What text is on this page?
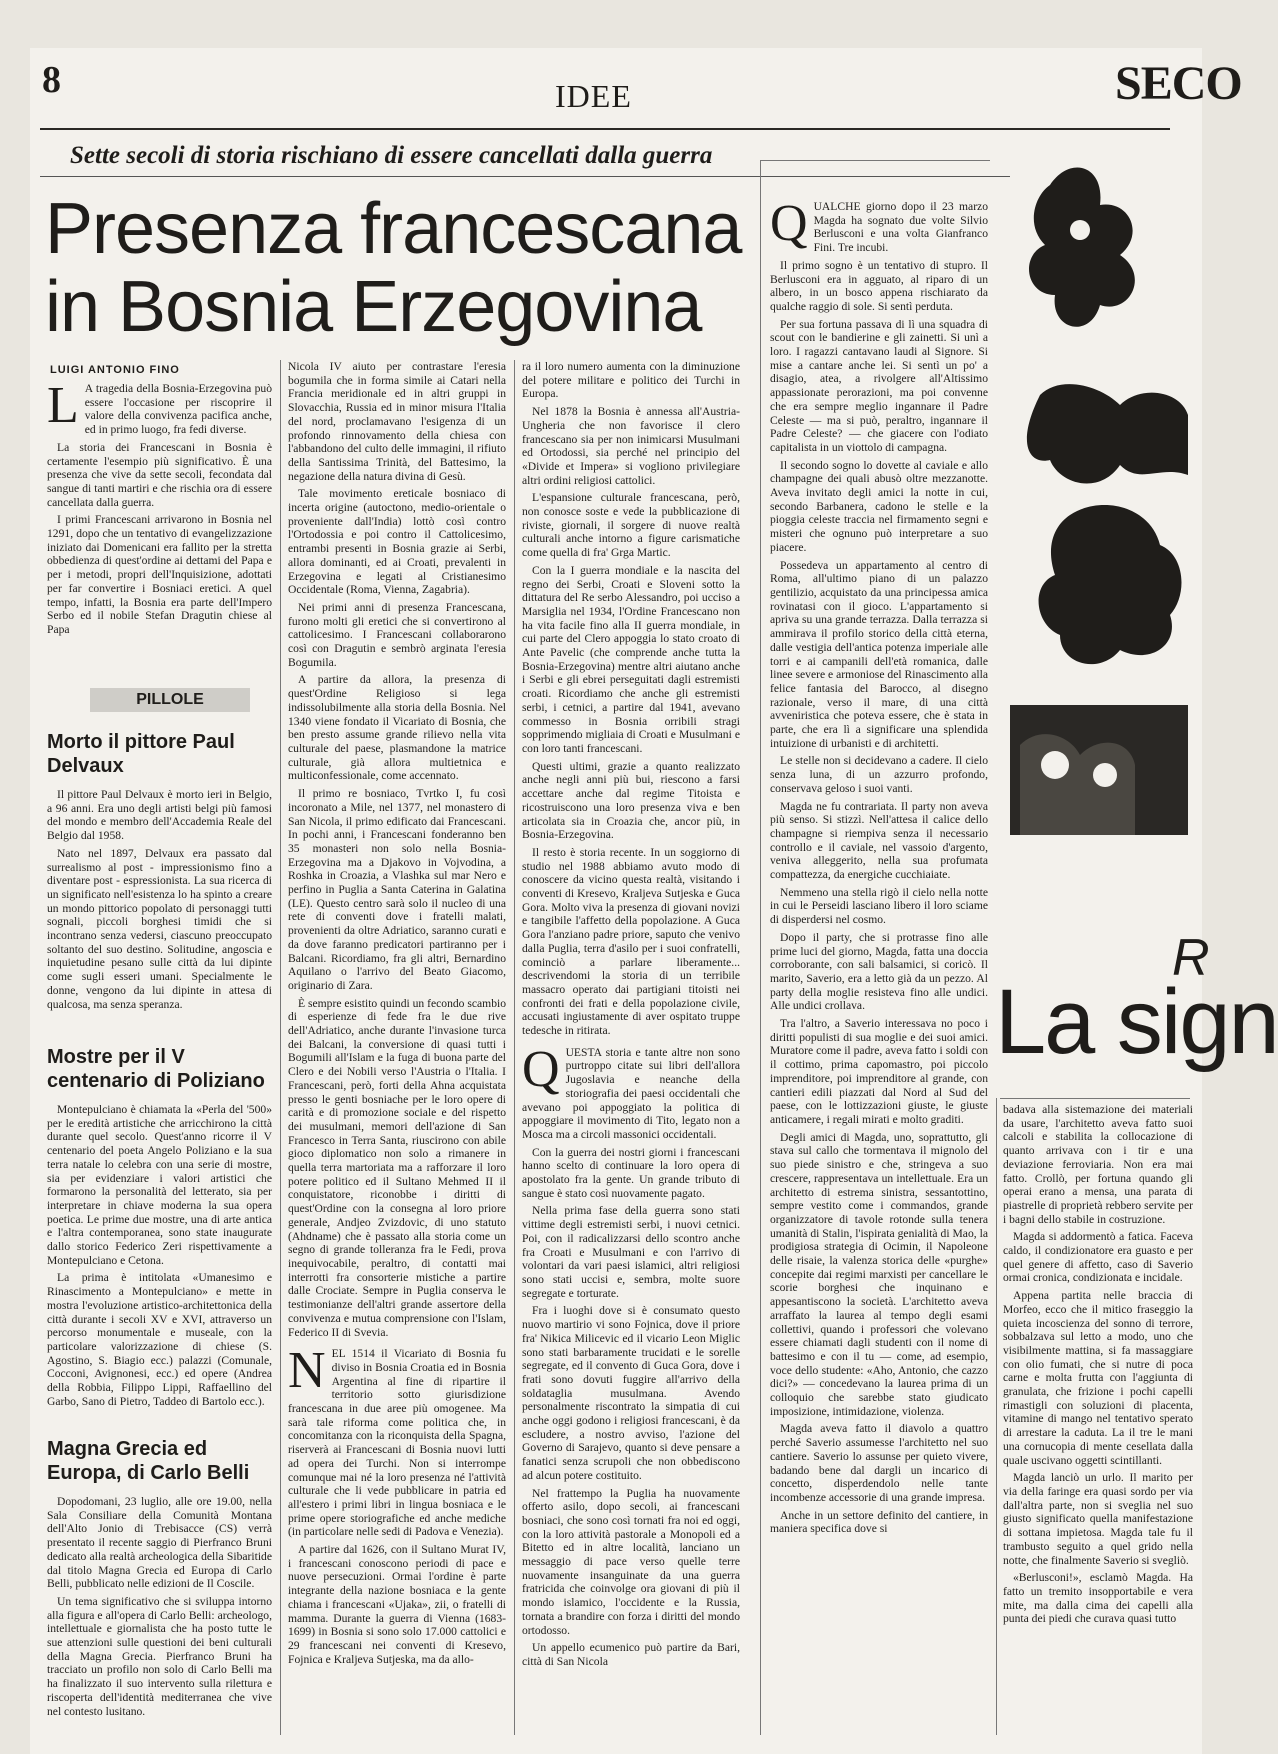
8	IDEE	SECO
Sette secoli di storia rischiano di essere cancellati dalla guerra
Presenza francescana
in Bosnia Erzegovina
LUIGI ANTONIO FINO

L A tragedia della Bosnia-Erzegovina può essere l'occasione per riscoprire il valore della convivenza pacifica anche, ed in primo luogo, fra fedi diverse.

La storia dei Francescani in Bosnia è certamente l'esempio più significativo. È una presenza che vive da sette secoli, fecondata dal sangue di tanti martiri e che rischia ora di essere cancellata dalla guerra.

I primi Francescani arrivarono in Bosnia nel 1291, dopo che un tentativo di evangelizzazione iniziato dai Domenicani era fallito per la stretta obbedienza di quest'ordine ai dettami del Papa e per i metodi, propri dell'Inquisizione, adottati per far convertire i Bosniaci eretici. A quel tempo, infatti, la Bosnia era parte dell'Impero Serbo ed il nobile Stefan Dragutin chiese al Papa

PILLOLE
Morto il pittore Paul Delvaux

Il pittore Paul Delvaux è morto ieri in Belgio, a 96 anni. Era uno degli artisti belgi più famosi del mondo e membro dell'Accademia Reale del Belgio dal 1958.

Nato nel 1897, Delvaux era passato dal surrealismo al post - impressionismo fino a diventare post - espressionista. La sua ricerca di un significato nell'esistenza lo ha spinto a creare un mondo pittorico popolato di personaggi tutti sognali, piccoli borghesi timidi che si incontrano senza vedersi, ciascuno preoccupato soltanto del suo destino. Solitudine, angoscia e inquietudine pesano sulle città da lui dipinte come sugli esseri umani. Specialmente le donne, vengono da lui dipinte in attesa di qualcosa, ma senza speranza.

Mostre per il V centenario di Poliziano

Montepulciano è chiamata la «Perla del '500» per le eredità artistiche che arricchirono la città durante quel secolo. Quest'anno ricorre il V centenario del poeta Angelo Poliziano e la sua terra natale lo celebra con una serie di mostre, sia per evidenziare i valori artistici che formarono la personalità del letterato, sia per interpretare in chiave moderna la sua opera poetica. Le prime due mostre, una di arte antica e l'altra contemporanea, sono state inaugurate dallo storico Federico Zeri rispettivamente a Montepulciano e Cetona.

La prima è intitolata «Umanesimo e Rinascimento a Montepulciano» e mette in mostra l'evoluzione artistico-architettonica della città durante i secoli XV e XVI, attraverso un percorso monumentale e museale, con la particolare valorizzazione di chiese (S. Agostino, S. Biagio ecc.) palazzi (Comunale, Cocconi, Avignonesi, ecc.) ed opere (Andrea della Robbia, Filippo Lippi, Raffaellino del Garbo, Sano di Pietro, Taddeo di Bartolo ecc.).

Magna Grecia ed Europa, di Carlo Belli

Dopodomani, 23 luglio, alle ore 19.00, nella Sala Consiliare della Comunità Montana dell'Alto Jonio di Trebisacce (CS) verrà presentato il recente saggio di Pierfranco Bruni dedicato alla realtà archeologica della Sibaritide dal titolo Magna Grecia ed Europa di Carlo Belli, pubblicato nelle edizioni de Il Coscile.

Un tema significativo che si sviluppa intorno alla figura e all'opera di Carlo Belli: archeologo, intellettuale e giornalista che ha posto tutte le sue attenzioni sulle questioni dei beni culturali della Magna Grecia. Pierfranco Bruni ha tracciato un profilo non solo di Carlo Belli ma ha finalizzato il suo intervento sulla rilettura e riscoperta dell'identità mediterranea che vive nel contesto lusitano.

Nicola IV aiuto per contrastare l'eresia bogumila che in forma simile ai Catari nella Francia meridionale ed in altri gruppi in Slovacchia, Russia ed in minor misura l'Italia del nord, proclamavano l'esigenza di un profondo rinnovamento della chiesa con l'abbandono del culto delle immagini, il rifiuto della Santissima Trinità, del Battesimo, la negazione della natura divina di Gesù.

Tale movimento ereticale bosniaco di incerta origine (autoctono, medio-orientale o proveniente dall'India) lottò così contro l'Ortodossia e poi contro il Cattolicesimo, entrambi presenti in Bosnia grazie ai Serbi, allora dominanti, ed ai Croati, prevalenti in Erzegovina e legati al Cristianesimo Occidentale (Roma, Vienna, Zagabria).

Nei primi anni di presenza Francescana, furono molti gli eretici che si convertirono al cattolicesimo. I Francescani collaborarono così con Dragutin e sembrò arginata l'eresia Bogumila.

A partire da allora, la presenza di quest'Ordine Religioso si lega indissolubilmente alla storia della Bosnia. Nel 1340 viene fondato il Vicariato di Bosnia, che ben presto assume grande rilievo nella vita culturale del paese, plasmandone la matrice culturale, già allora multietnica e multiconfessionale, come accennato.

Il primo re bosniaco, Tvrtko I, fu così incoronato a Mile, nel 1377, nel monastero di San Nicola, il primo edificato dai Francescani. In pochi anni, i Francescani fonderanno ben 35 monasteri non solo nella Bosnia-Erzegovina ma a Djakovo in Vojvodina, a Roshka in Croazia, a Vlashka sul mar Nero e perfino in Puglia a Santa Caterina in Galatina (LE). Questo centro sarà solo il nucleo di una rete di conventi dove i fratelli malati, provenienti da oltre Adriatico, saranno curati e da dove faranno predicatori partiranno per i Balcani. Ricordiamo, fra gli altri, Bernardino Aquilano o l'arrivo del Beato Giacomo, originario di Zara.

È sempre esistito quindi un fecondo scambio di esperienze di fede fra le due rive dell'Adriatico, anche durante l'invasione turca dei Balcani, la conversione di quasi tutti i Bogumili all'Islam e la fuga di buona parte del Clero e dei Nobili verso l'Austria o l'Italia. I Francescani, però, forti della Ahna acquistata presso le genti bosniache per le loro opere di carità e di promozione sociale e del rispetto dei musulmani, memori dell'azione di San Francesco in Terra Santa, riuscirono con abile gioco diplomatico non solo a rimanere in quella terra martoriata ma a rafforzare il loro potere politico ed il Sultano Mehmed II il conquistatore, riconobbe i diritti di quest'Ordine con la consegna al loro priore generale, Andjeo Zvizdovic, di uno statuto (Ahdname) che è passato alla storia come un segno di grande tolleranza fra le Fedi, prova inequivocabile, peraltro, di contatti mai interrotti fra consorterie mistiche a partire dalle Crociate. Sempre in Puglia conserva le testimonianze dell'altri grande assertore della convivenza e mutua comprensione con l'Islam, Federico II di Svevia.

NEL 1514 il Vicariato di Bosnia fu diviso in Bosnia Croatia ed in Bosnia Argentina al fine di ripartire il territorio sotto giurisdizione francescana in due aree più omogenee. Ma sarà tale riforma come politica che, in concomitanza con la riconquista della Spagna, riserverà ai Francescani di Bosnia nuovi lutti ad opera dei Turchi. Non si interrompe comunque mai né la loro presenza né l'attività culturale che li vede pubblicare in patria ed all'estero i primi libri in lingua bosniaca e le prime opere storiografiche ed anche mediche (in particolare nelle sedi di Padova e Venezia).

A partire dal 1626, con il Sultano Murat IV, i francescani conoscono periodi di pace e nuove persecuzioni. Ormai l'ordine è parte integrante della nazione bosniaca e la gente chiama i francescani «Ujaka», zii, o fratelli di mamma. Durante la guerra di Vienna (1683-1699) in Bosnia si sono solo 17.000 cattolici e 29 francescani nei conventi di Kresevo, Fojnica e Kraljeva Sutjeska, ma da allo-

ra il loro numero aumenta con la diminuzione del potere militare e politico dei Turchi in Europa.

Nel 1878 la Bosnia è annessa all'Austria-Ungheria che non favorisce il clero francescano sia per non inimicarsi Musulmani ed Ortodossi, sia perché nel principio del «Divide et Impera» si vogliono privilegiare altri ordini religiosi cattolici.

L'espansione culturale francescana, però, non conosce soste e vede la pubblicazione di riviste, giornali, il sorgere di nuove realtà culturali anche intorno a figure carismatiche come quella di fra' Grga Martic.

Con la I guerra mondiale e la nascita del regno dei Serbi, Croati e Sloveni sotto la dittatura del Re serbo Alessandro, poi ucciso a Marsiglia nel 1934, l'Ordine Francescano non ha vita facile fino alla II guerra mondiale, in cui parte del Clero appoggia lo stato croato di Ante Pavelic (che comprende anche tutta la Bosnia-Erzegovina) mentre altri aiutano anche i Serbi e gli ebrei perseguitati dagli estremisti croati. Ricordiamo che anche gli estremisti serbi, i cetnici, a partire dal 1941, avevano commesso in Bosnia orribili stragi sopprimendo migliaia di Croati e Musulmani e con loro tanti francescani.

Questi ultimi, grazie a quanto realizzato anche negli anni più bui, riescono a farsi accettare anche dal regime Titoista e ricostruiscono una loro presenza viva e ben articolata sia in Croazia che, ancor più, in Bosnia-Erzegovina.

Il resto è storia recente. In un soggiorno di studio nel 1988 abbiamo avuto modo di conoscere da vicino questa realtà, visitando i conventi di Kresevo, Kraljeva Sutjeska e Guca Gora. Molto viva la presenza di giovani novizi e tangibile l'affetto della popolazione. A Guca Gora l'anziano padre priore, saputo che venivo dalla Puglia, terra d'asilo per i suoi confratelli, cominciò a parlare liberamente... descrivendomi la storia di un terribile massacro operato dai partigiani titoisti nei confronti dei frati e della popolazione civile, accusati ingiustamente di aver ospitato truppe tedesche in ritirata.

QUESTA storia e tante altre non sono purtroppo citate sui libri dell'allora Jugoslavia e neanche della storiografia dei paesi occidentali che avevano poi appoggiato la politica di appoggiare il movimento di Tito, legato non a Mosca ma a circoli massonici occidentali.

Con la guerra dei nostri giorni i francescani hanno scelto di continuare la loro opera di apostolato fra la gente. Un grande tributo di sangue è stato così nuovamente pagato.

Nella prima fase della guerra sono stati vittime degli estremisti serbi, i nuovi cetnici. Poi, con il radicalizzarsi dello scontro anche fra Croati e Musulmani e con l'arrivo di volontari da vari paesi islamici, altri religiosi sono stati uccisi e, sembra, molte suore segregate e torturate.

Fra i luoghi dove si è consumato questo nuovo martirio vi sono Fojnica, dove il priore fra' Nikica Milicevic ed il vicario Leon Miglic sono stati barbaramente trucidati e le sorelle segregate, ed il convento di Guca Gora, dove i frati sono dovuti fuggire all'arrivo della soldataglia musulmana. Avendo personalmente riscontrato la simpatia di cui anche oggi godono i religiosi francescani, è da escludere, a nostro avviso, l'azione del Governo di Sarajevo, quanto si deve pensare a fanatici senza scrupoli che non obbediscono ad alcun potere costituito.

Nel frattempo la Puglia ha nuovamente offerto asilo, dopo secoli, ai francescani bosniaci, che sono così tornati fra noi ed oggi, con la loro attività pastorale a Monopoli ed a Bitetto ed in altre località, lanciano un messaggio di pace verso quelle terre nuovamente insanguinate da una guerra fratricida che coinvolge ora giovani di più il mondo islamico, l'occidente e la Russia, tornata a brandire con forza i diritti del mondo ortodosso.

Un appello ecumenico può partire da Bari, città di San Nicola

QUALCHE giorno dopo il 23 marzo Magda ha sognato due volte Silvio Berlusconi e una volta Gianfranco Fini. Tre incubi.

Il primo sogno è un tentativo di stupro. Il Berlusconi era in agguato, al riparo di un albero, in un bosco appena rischiarato da qualche raggio di sole. Si sentì perduta.

Per sua fortuna passava di lì una squadra di scout con le bandierine e gli zainetti. Si unì a loro. I ragazzi cantavano laudi al Signore. Si mise a cantare anche lei. Si sentì un po' a disagio, atea, a rivolgere all'Altissimo appassionate perorazioni, ma poi convenne che era sempre meglio ingannare il Padre Celeste — ma si può, peraltro, ingannare il Padre Celeste? — che giacere con l'odiato capitalista in un viottolo di campagna.

Il secondo sogno lo dovette al caviale e allo champagne dei quali abusò oltre mezzanotte. Aveva invitato degli amici la notte in cui, secondo Barbanera, cadono le stelle e la pioggia celeste traccia nel firmamento segni e misteri che ognuno può interpretare a suo piacere.

Possedeva un appartamento al centro di Roma, all'ultimo piano di un palazzo gentilizio, acquistato da una principessa amica rovinatasi con il gioco. L'appartamento si apriva su una grande terrazza. Dalla terrazza si ammirava il profilo storico della città eterna, dalle vestigia dell'antica potenza imperiale alle torri e ai campanili dell'età romanica, dalle linee severe e armoniose del Rinascimento alla felice fantasia del Barocco, al disegno razionale, verso il mare, di una città avveniristica che poteva essere, che è stata in parte, che era lì a significare una splendida intuizione di urbanisti e di architetti.

Le stelle non si decidevano a cadere. Il cielo senza luna, di un azzurro profondo, conservava geloso i suoi vanti.

Magda ne fu contrariata. Il party non aveva più senso. Si stizzì. Nell'attesa il calice dello champagne si riempiva senza il necessario controllo e il caviale, nel vassoio d'argento, veniva alleggerito, nella sua profumata compattezza, da energiche cucchiaiate.

Nemmeno una stella rigò il cielo nella notte in cui le Perseidi lasciano libero il loro sciame di disperdersi nel cosmo.

Dopo il party, che si protrasse fino alle prime luci del giorno, Magda, fatta una doccia corroborante, con sali balsamici, si coricò. Il marito, Saverio, era a letto già da un pezzo. Al party della moglie resisteva fino alle undici. Alle undici crollava.

Tra l'altro, a Saverio interessava no poco i diritti populisti di sua moglie e dei suoi amici. Muratore come il padre, aveva fatto i soldi con il cottimo, prima capomastro, poi piccolo imprenditore, poi imprenditore al grande, con cantieri edili piazzati dal Nord al Sud del paese, con le lottizzazioni giuste, le giuste anticamere, i regali mirati e molto graditi.

Degli amici di Magda, uno, soprattutto, gli stava sul callo che tormentava il mignolo del suo piede sinistro e che, stringeva a suo crescere, rappresentava un intellettuale. Era un architetto di estrema sinistra, sessantottino, sempre vestito come i commandos, grande organizzatore di tavole rotonde sulla tenera umanità di Stalin, l'ispirata genialità di Mao, la prodigiosa strategia di Ocimin, il Napoleone delle risaie, la valenza storica delle «purghe» concepite dai regimi marxisti per cancellare le scorie borghesi che inquinano e appesantiscono la società. L'architetto aveva arraffato la laurea al tempo degli esami collettivi, quando i professori che volevano essere chiamati dagli studenti con il nome di battesimo e con il tu — come, ad esempio, voce dello studente: «Aho, Antonio, che cazzo dici?» — concedevano la laurea prima di un colloquio che sarebbe stato giudicato imposizione, intimidazione, violenza.

Magda aveva fatto il diavolo a quattro perché Saverio assumesse l'architetto nel suo cantiere. Saverio lo assunse per quieto vivere, badando bene dal dargli un incarico di concetto, disperdendolo nelle tante incombenze accessorie di una grande impresa.

Anche in un settore definito del cantiere, in maniera specifica dove si

R
La sign

badava alla sistemazione dei materiali da usare, l'architetto aveva fatto suoi calcoli e stabilita la collocazione di quanto arrivava con i tir e una deviazione ferroviaria. Non era mai fatto. Crollò, per fortuna quando gli operai erano a mensa, una parata di piastrelle di proprietà rebbero servite per i bagni dello stabile in costruzione.

Magda si addormentò a fatica. Faceva caldo, il condizionatore era guasto e per quel genere di affetto, caso di Saverio ormai cronica, condizionata e incidale.

Appena partita nelle braccia di Morfeo, ecco che il mitico fraseggio la quieta incoscienza del sonno di terrore, sobbalzava sul letto a modo, uno che visibilmente mattina, si fa massaggiare con olio fumati, che si nutre di poca carne e molta frutta con l'aggiunta di granulata, che frizione i pochi capelli rimastigli con soluzioni di placenta, vitamine di mango nel tentativo sperato di arrestare la caduta. La il tre le mani una cornucopia di mente cesellata dalla quale uscivano oggetti scintillanti.

Magda lanciò un urlo. Il marito per via della faringe era quasi sordo per via dall'altra parte, non si sveglia nel suo giusto significato quella manifestazione di sottana impietosa. Magda tale fu il trambusto seguito a quel grido nella notte, che finalmente Saverio si svegliò.

«Berlusconi!», esclamò Magda. Ha fatto un tremito insopportabile e vera mite, ma dalla cima dei capelli alla punta dei piedi che curava quasi tutto
